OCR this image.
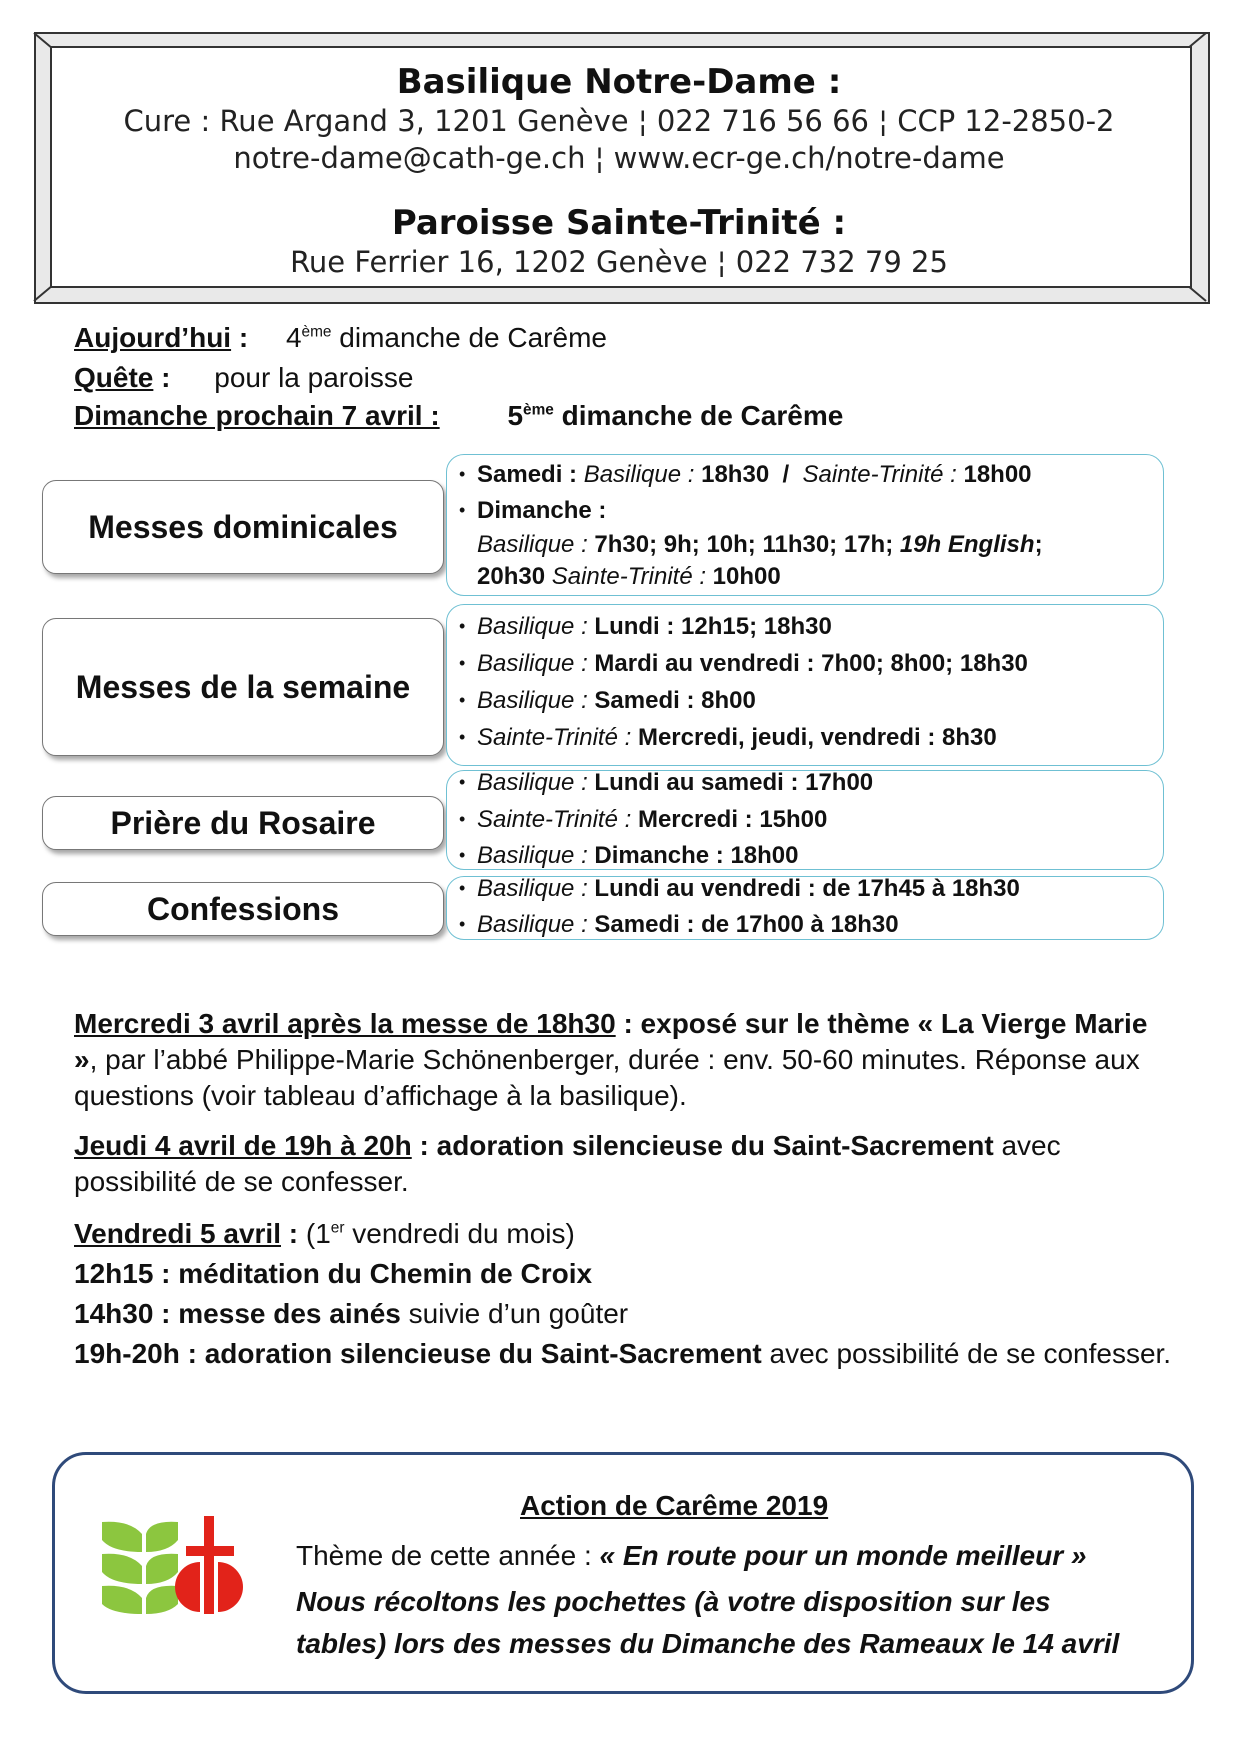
Basilique Notre-Dame :
Cure : Rue Argand 3, 1201 Genève ¦ 022 716 56 66 ¦ CCP 12-2850-2
notre-dame@cath-ge.ch ¦ www.ecr-ge.ch/notre-dame
Paroisse Sainte-Trinité :
Rue Ferrier 16, 1202 Genève ¦ 022 732 79 25
Aujourd’hui : 4ème dimanche de Carême
Quête : pour la paroisse
Dimanche prochain 7 avril : 5ème dimanche de Carême
Messes dominicales
• Samedi : Basilique : 18h30  /  Sainte-Trinité : 18h00
• Dimanche :
Basilique : 7h30; 9h; 10h; 11h30; 17h; 19h English;
20h30 Sainte-Trinité : 10h00
Messes de la semaine
• Basilique : Lundi : 12h15; 18h30
• Basilique : Mardi au vendredi : 7h00; 8h00; 18h30
• Basilique : Samedi : 8h00
• Sainte-Trinité : Mercredi, jeudi, vendredi : 8h30
Prière du Rosaire
• Basilique : Lundi au samedi : 17h00
• Sainte-Trinité : Mercredi : 15h00
• Basilique : Dimanche : 18h00
Confessions
• Basilique : Lundi au vendredi : de 17h45 à 18h30
• Basilique : Samedi : de 17h00 à 18h30
Mercredi 3 avril après la messe de 18h30 : exposé sur le thème « La Vierge Marie », par l’abbé Philippe-Marie Schönenberger, durée : env. 50-60 minutes. Réponse aux questions (voir tableau d’affichage à la basilique).
Jeudi 4 avril de 19h à 20h : adoration silencieuse du Saint-Sacrement avec possibilité de se confesser.
Vendredi 5 avril : (1er vendredi du mois)
12h15 : méditation du Chemin de Croix
14h30 : messe des ainés suivie d’un goûter
19h-20h : adoration silencieuse du Saint-Sacrement avec possibilité de se confesser.
Action de Carême 2019
Thème de cette année : « En route pour un monde meilleur »
Nous récoltons les pochettes (à votre disposition sur les
tables) lors des messes du Dimanche des Rameaux le 14 avril
